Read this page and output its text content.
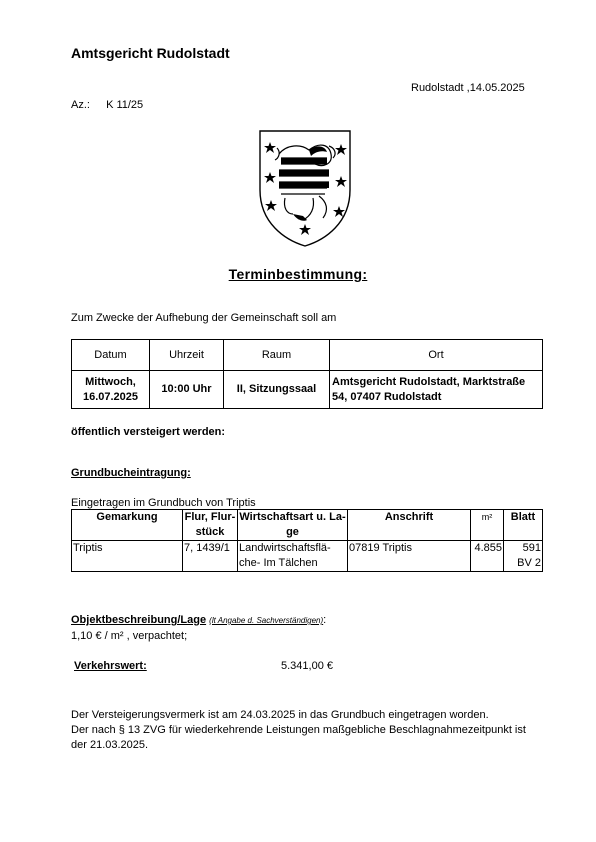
Amtsgericht Rudolstadt
Rudolstadt ,14.05.2025
Az.: K 11/25
Terminbestimmung:
Zum Zwecke der Aufhebung der Gemeinschaft soll am
Datum	Uhrzeit	Raum	Ort
Mittwoch, 16.07.2025	10:00 Uhr	II, Sitzungssaal	Amtsgericht Rudolstadt, Marktstraße 54, 07407 Rudolstadt
öffentlich versteigert werden:
Grundbucheintragung:
Eingetragen im Grundbuch von Triptis
Gemarkung	Flur, Flur-stück	Wirtschaftsart u. La-ge	Anschrift	m²	Blatt
Triptis	7, 1439/1	Landwirtschaftsflä-che- Im Tälchen	07819 Triptis	4.855	591 BV 2
Objektbeschreibung/Lage (lt Angabe d. Sachverständigen):
1,10 € / m² , verpachtet;
Verkehrswert:	5.341,00 €
Der Versteigerungsvermerk ist am 24.03.2025 in das Grundbuch eingetragen worden.
Der nach § 13 ZVG für wiederkehrende Leistungen maßgebliche Beschlagnahmezeitpunkt ist der 21.03.2025.
